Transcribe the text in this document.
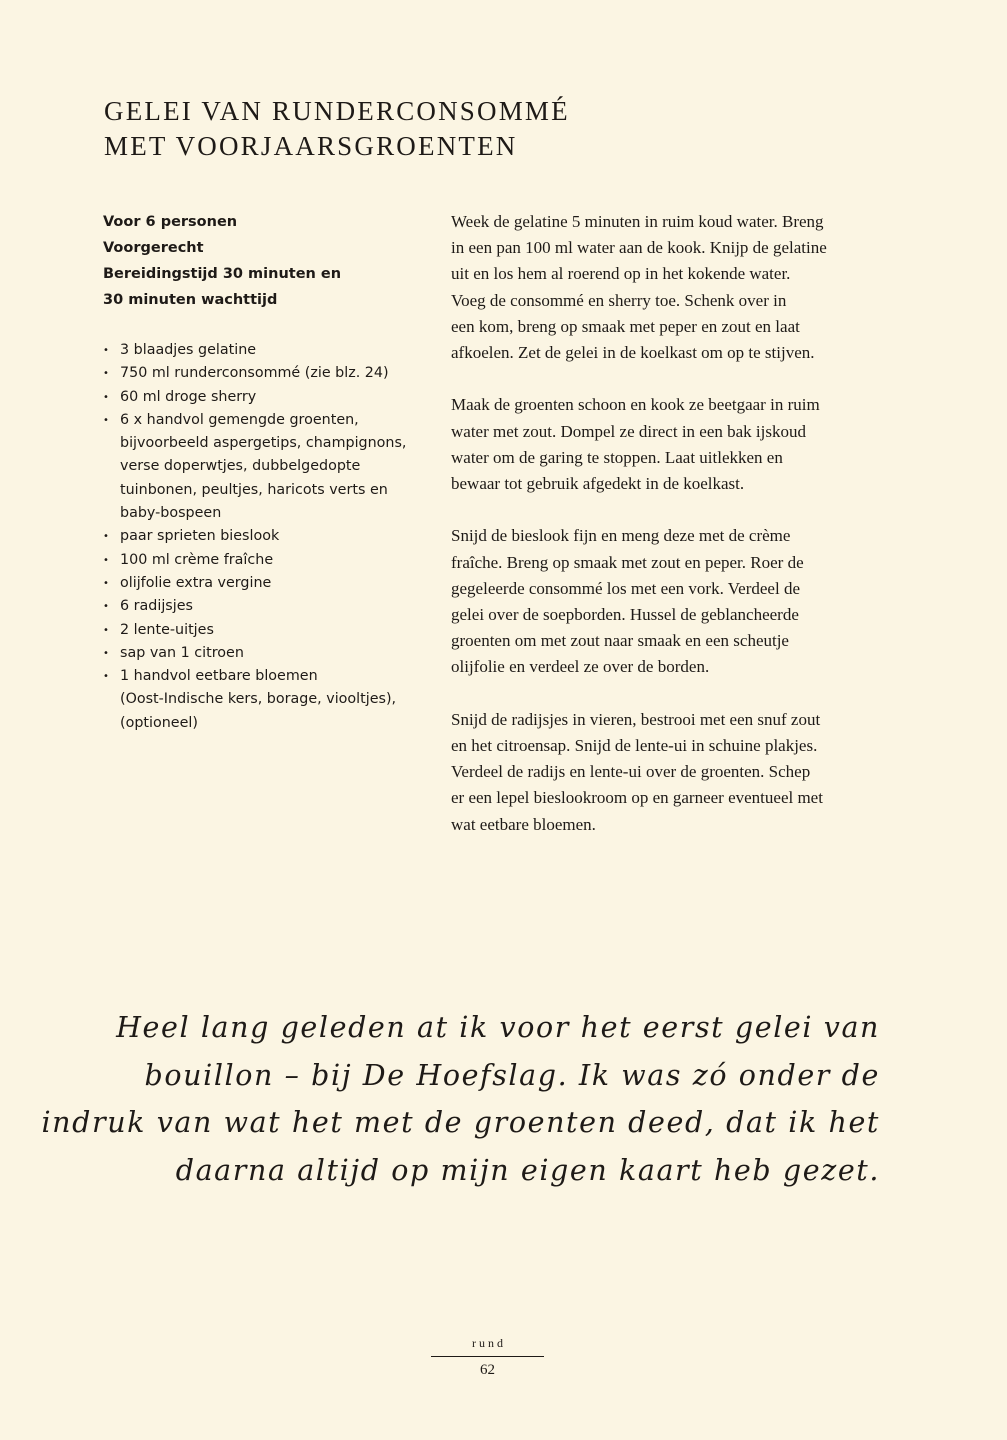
GELEI VAN RUNDERCONSOMMÉ
MET VOORJAARSGROENTEN
Voor 6 personen
Voorgerecht
Bereidingstijd 30 minuten en
30 minuten wachttijd
• 3 blaadjes gelatine
• 750 ml runderconsommé (zie blz. 24)
• 60 ml droge sherry
• 6 x handvol gemengde groenten,
bijvoorbeeld aspergetips, champignons,
verse doperwtjes, dubbelgedopte
tuinbonen, peultjes, haricots verts en
baby-bospeen
• paar sprieten bieslook
• 100 ml crème fraîche
• olijfolie extra vergine
• 6 radijsjes
• 2 lente-uitjes
• sap van 1 citroen
• 1 handvol eetbare bloemen
(Oost-Indische kers, borage, viooltjes),
(optioneel)

Week de gelatine 5 minuten in ruim koud water. Breng
in een pan 100 ml water aan de kook. Knijp de gelatine
uit en los hem al roerend op in het kokende water.
Voeg de consommé en sherry toe. Schenk over in
een kom, breng op smaak met peper en zout en laat
afkoelen. Zet de gelei in de koelkast om op te stijven.

Maak de groenten schoon en kook ze beetgaar in ruim
water met zout. Dompel ze direct in een bak ijskoud
water om de garing te stoppen. Laat uitlekken en
bewaar tot gebruik afgedekt in de koelkast.

Snijd de bieslook fijn en meng deze met de crème
fraîche. Breng op smaak met zout en peper. Roer de
gegeleerde consommé los met een vork. Verdeel de
gelei over de soepborden. Hussel de geblancheerde
groenten om met zout naar smaak en een scheutje
olijfolie en verdeel ze over de borden.

Snijd de radijsjes in vieren, bestrooi met een snuf zout
en het citroensap. Snijd de lente-ui in schuine plakjes.
Verdeel de radijs en lente-ui over de groenten. Schep
er een lepel bieslookroom op en garneer eventueel met
wat eetbare bloemen.

Heel lang geleden at ik voor het eerst gelei van
bouillon – bij De Hoefslag. Ik was zó onder de
indruk van wat het met de groenten deed, dat ik het
daarna altijd op mijn eigen kaart heb gezet.
rund
62
